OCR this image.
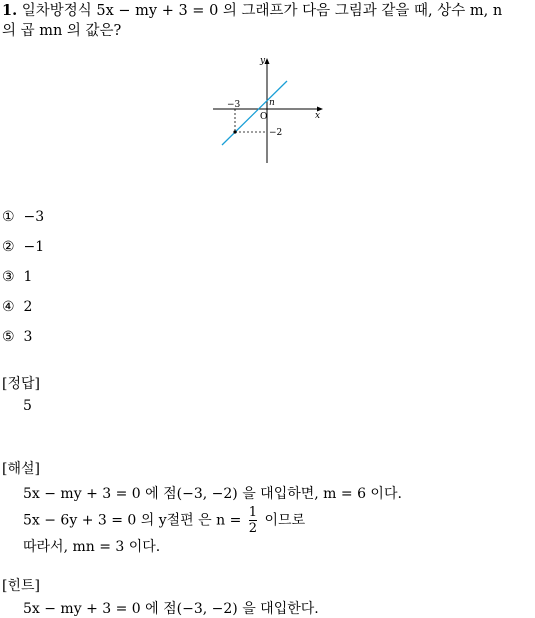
1. 일차방정식 5x − my + 3 = 0 의 그래프가 다음 그림과 같을 때, 상수 m, n
의 곱 mn 의 값은?
y
x
O
n
−3
−2
① −3
② −1
③ 1
④ 2
⑤ 3
[정답]
5
[해설]
5x − my + 3 = 0 에 점(−3, −2) 을 대입하면, m = 6 이다.
5x − 6y + 3 = 0 의 y절편 은 $n = \frac{1}{2}$ 이므로
따라서, mn = 3 이다.
[힌트]
5x − my + 3 = 0 에 점(−3, −2) 을 대입한다.
